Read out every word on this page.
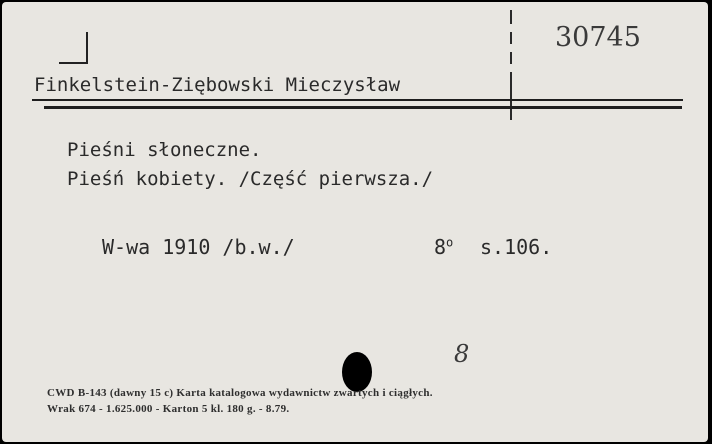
30745
Finkelstein-Ziębowski Mieczysław
Pieśni słoneczne.
Pieśń kobiety. /Część pierwsza./
W-wa 1910 /b.w./	8$^o$ s.106.
8
CWD B-143 (dawny 15 c) Karta katalogowa wydawnictw zwartych i ciągłych.
Wrak 674 - 1.625.000 - Karton 5 kl. 180 g. - 8.79.
